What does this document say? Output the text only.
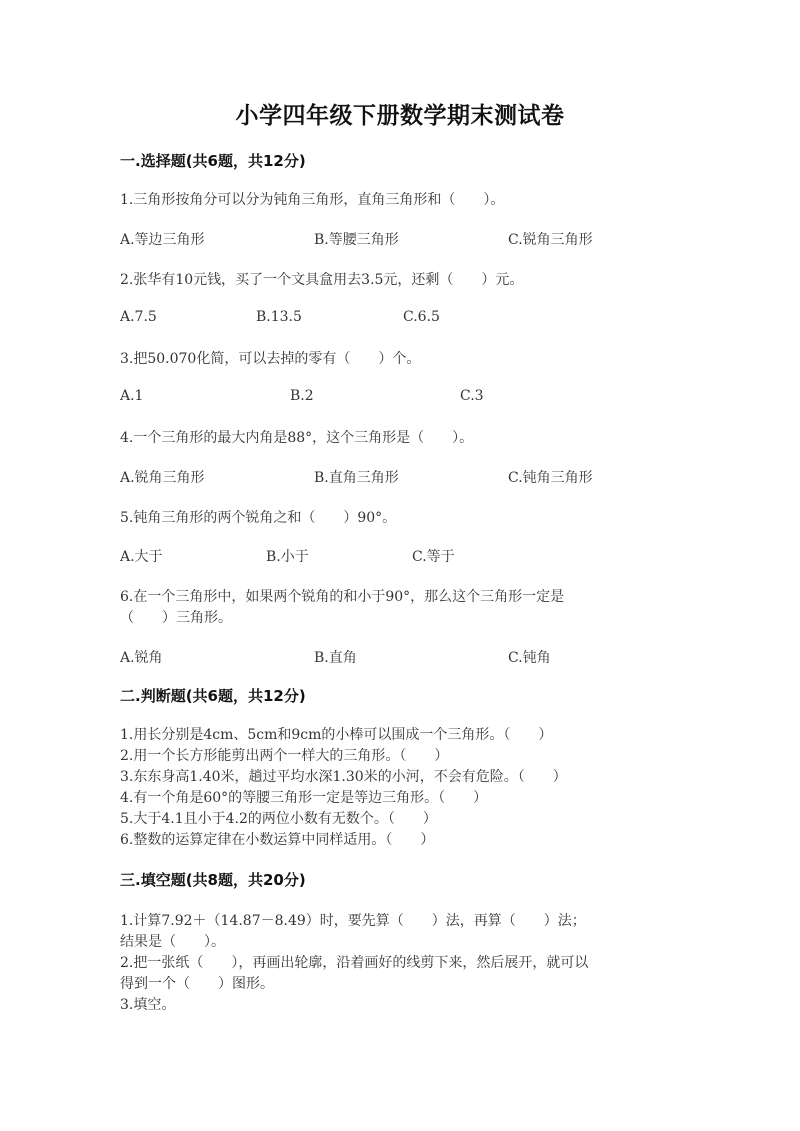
小学四年级下册数学期末测试卷
一.选择题(共6题，共12分)
1.三角形按角分可以分为钝角三角形，直角三角形和（　　）。
A.等边三角形	B.等腰三角形	C.锐角三角形
2.张华有10元钱，买了一个文具盒用去3.5元，还剩（　　）元。
A.7.5	B.13.5	C.6.5
3.把50.070化简，可以去掉的零有（　　）个。
A.1	B.2	C.3
4.一个三角形的最大内角是88°，这个三角形是（　　）。
A.锐角三角形	B.直角三角形	C.钝角三角形
5.钝角三角形的两个锐角之和（　　）90°。
A.大于	B.小于	C.等于
6.在一个三角形中，如果两个锐角的和小于90°，那么这个三角形一定是
（　　）三角形。
A.锐角	B.直角	C.钝角
二.判断题(共6题，共12分)
1.用长分别是4cm、5cm和9cm的小棒可以围成一个三角形。（　　）
2.用一个长方形能剪出两个一样大的三角形。（　　）
3.东东身高1.40米，趟过平均水深1.30米的小河，不会有危险。（　　）
4.有一个角是60°的等腰三角形一定是等边三角形。（　　）
5.大于4.1且小于4.2的两位小数有无数个。（　　）
6.整数的运算定律在小数运算中同样适用。（　　）
三.填空题(共8题，共20分)
1.计算7.92＋（14.87－8.49）时，要先算（　　）法，再算（　　）法；
结果是（　　）。
2.把一张纸（　　），再画出轮廓，沿着画好的线剪下来，然后展开，就可以
得到一个（　　）图形。
3.填空。
